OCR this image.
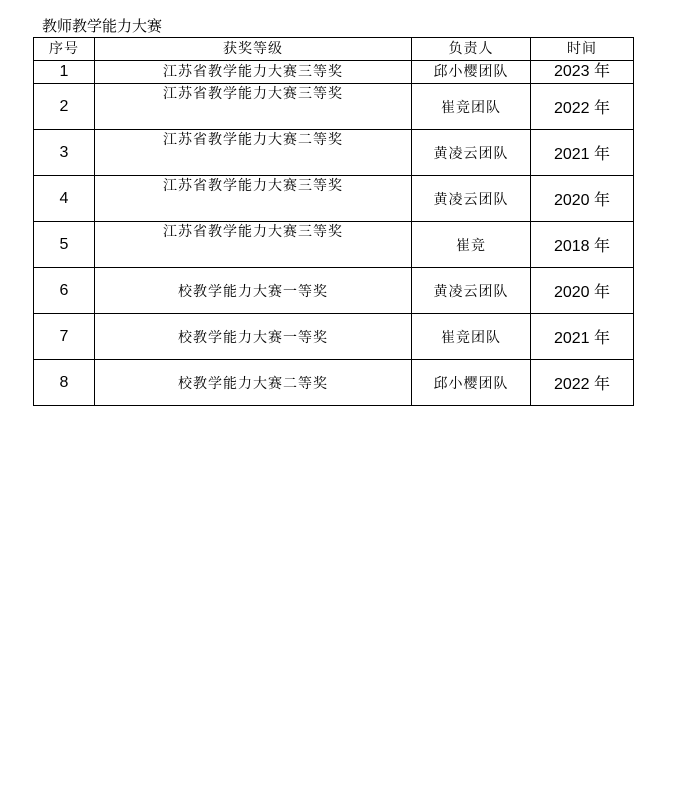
教师教学能力大赛
序号	获奖等级	负责人	时间
1	江苏省教学能力大赛三等奖	邱小樱团队	2023 年
2	江苏省教学能力大赛三等奖	崔竞团队	2022 年
3	江苏省教学能力大赛二等奖	黄凌云团队	2021 年
4	江苏省教学能力大赛三等奖	黄凌云团队	2020 年
5	江苏省教学能力大赛三等奖	崔竞	2018 年
6	校教学能力大赛一等奖	黄凌云团队	2020 年
7	校教学能力大赛一等奖	崔竞团队	2021 年
8	校教学能力大赛二等奖	邱小樱团队	2022 年
